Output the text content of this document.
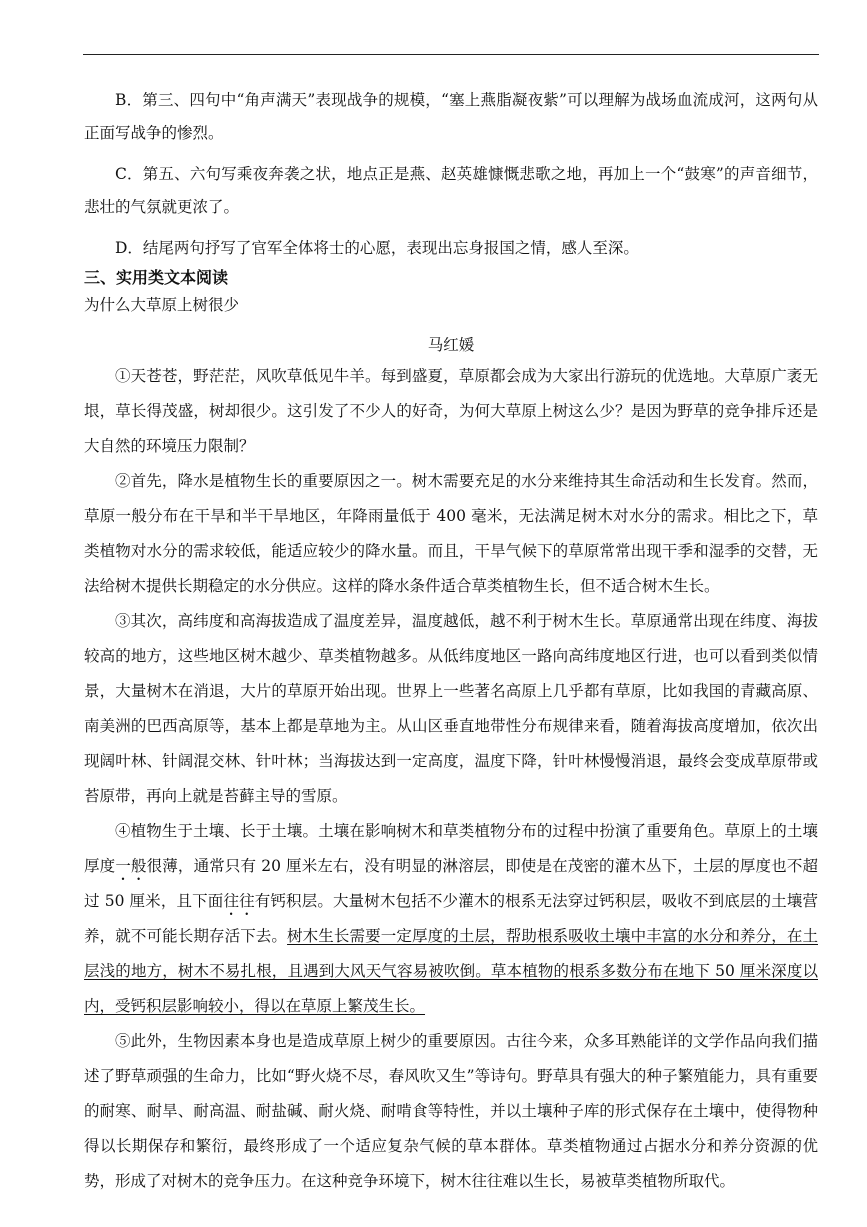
B．第三、四句中“角声满天”表现战争的规模，“塞上燕脂凝夜紫”可以理解为战场血流成河，这两句从正面写战争的惨烈。

C．第五、六句写乘夜奔袭之状，地点正是燕、赵英雄慷慨悲歌之地，再加上一个“鼓寒”的声音细节，悲壮的气氛就更浓了。

D．结尾两句抒写了官军全体将士的心愿，表现出忘身报国之情，感人至深。

三、实用类文本阅读
为什么大草原上树很少
马红媛

①天苍苍，野茫茫，风吹草低见牛羊。每到盛夏，草原都会成为大家出行游玩的优选地。大草原广袤无垠，草长得茂盛，树却很少。这引发了不少人的好奇，为何大草原上树这么少？是因为野草的竞争排斥还是大自然的环境压力限制？

②首先，降水是植物生长的重要原因之一。树木需要充足的水分来维持其生命活动和生长发育。然而，草原一般分布在干旱和半干旱地区，年降雨量低于 400 毫米，无法满足树木对水分的需求。相比之下，草类植物对水分的需求较低，能适应较少的降水量。而且，干旱气候下的草原常常出现干季和湿季的交替，无法给树木提供长期稳定的水分供应。这样的降水条件适合草类植物生长，但不适合树木生长。

③其次，高纬度和高海拔造成了温度差异，温度越低，越不利于树木生长。草原通常出现在纬度、海拔较高的地方，这些地区树木越少、草类植物越多。从低纬度地区一路向高纬度地区行进，也可以看到类似情景，大量树木在消退，大片的草原开始出现。世界上一些著名高原上几乎都有草原，比如我国的青藏高原、南美洲的巴西高原等，基本上都是草地为主。从山区垂直地带性分布规律来看，随着海拔高度增加，依次出现阔叶林、针阔混交林、针叶林；当海拔达到一定高度，温度下降，针叶林慢慢消退，最终会变成草原带或苔原带，再向上就是苔藓主导的雪原。

④植物生于土壤、长于土壤。土壤在影响树木和草类植物分布的过程中扮演了重要角色。草原上的土壤厚度一般很薄，通常只有 20 厘米左右，没有明显的淋溶层，即使是在茂密的灌木丛下，土层的厚度也不超过 50 厘米，且下面往往有钙积层。大量树木包括不少灌木的根系无法穿过钙积层，吸收不到底层的土壤营养，就不可能长期存活下去。树木生长需要一定厚度的土层，帮助根系吸收土壤中丰富的水分和养分，在土层浅的地方，树木不易扎根，且遇到大风天气容易被吹倒。草本植物的根系多数分布在地下 50 厘米深度以内，受钙积层影响较小，得以在草原上繁茂生长。

⑤此外，生物因素本身也是造成草原上树少的重要原因。古往今来，众多耳熟能详的文学作品向我们描述了野草顽强的生命力，比如“野火烧不尽，春风吹又生”等诗句。野草具有强大的种子繁殖能力，具有重要的耐寒、耐旱、耐高温、耐盐碱、耐火烧、耐啃食等特性，并以土壤种子库的形式保存在土壤中，使得物种得以长期保存和繁衍，最终形成了一个适应复杂气候的草本群体。草类植物通过占据水分和养分资源的优势，形成了对树木的竞争压力。在这种竞争环境下，树木往往难以生长，易被草类植物所取代。
